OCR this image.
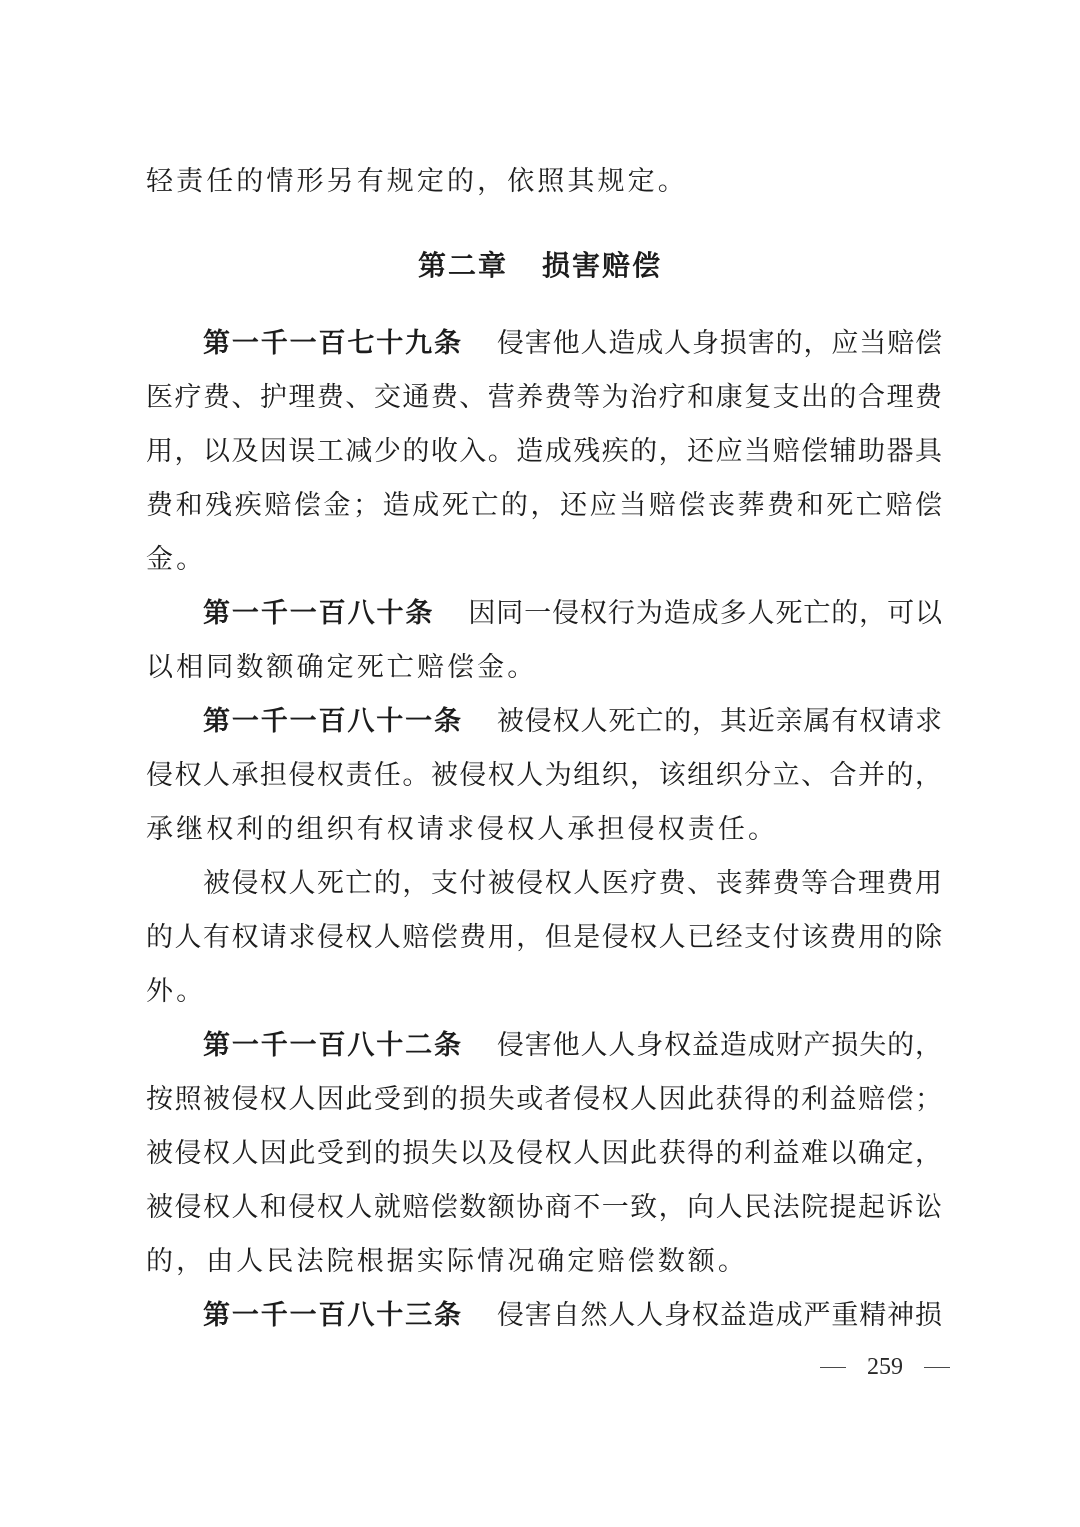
轻责任的情形另有规定的，依照其规定。
第二章 损害赔偿
第一千一百七十九条 侵害他人造成人身损害的，应当赔偿
医疗费、护理费、交通费、营养费等为治疗和康复支出的合理费
用，以及因误工减少的收入。造成残疾的，还应当赔偿辅助器具
费和残疾赔偿金；造成死亡的，还应当赔偿丧葬费和死亡赔偿
金。
第一千一百八十条 因同一侵权行为造成多人死亡的，可以
以相同数额确定死亡赔偿金。
第一千一百八十一条 被侵权人死亡的，其近亲属有权请求
侵权人承担侵权责任。被侵权人为组织，该组织分立、合并的，
承继权利的组织有权请求侵权人承担侵权责任。
被侵权人死亡的，支付被侵权人医疗费、丧葬费等合理费用
的人有权请求侵权人赔偿费用，但是侵权人已经支付该费用的除
外。
第一千一百八十二条 侵害他人人身权益造成财产损失的，
按照被侵权人因此受到的损失或者侵权人因此获得的利益赔偿；
被侵权人因此受到的损失以及侵权人因此获得的利益难以确定，
被侵权人和侵权人就赔偿数额协商不一致，向人民法院提起诉讼
的，由人民法院根据实际情况确定赔偿数额。
第一千一百八十三条 侵害自然人人身权益造成严重精神损
259
